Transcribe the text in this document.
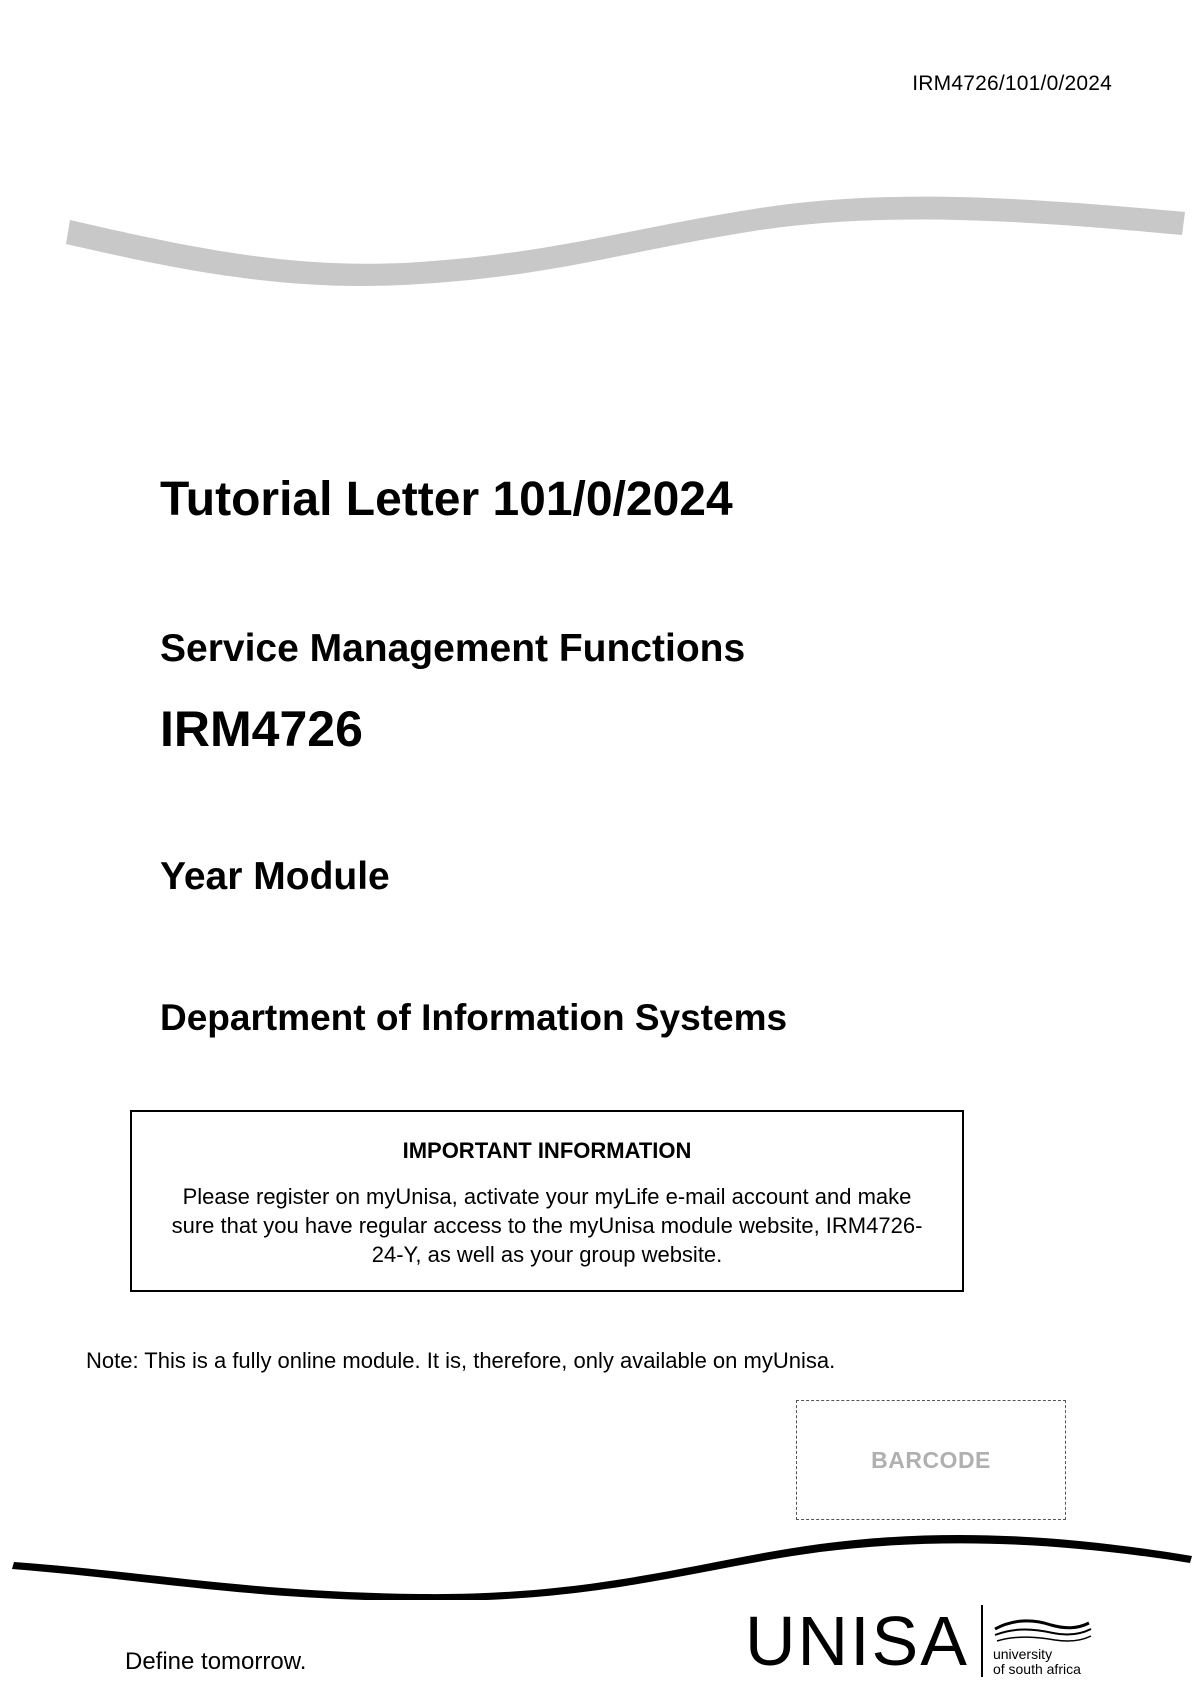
IRM4726/101/0/2024
Tutorial Letter 101/0/2024
Service Management Functions
IRM4726
Year Module
Department of Information Systems
IMPORTANT INFORMATION
Please register on myUnisa, activate your myLife e-mail account and make sure that you have regular access to the myUnisa module website, IRM4726-24-Y, as well as your group website.
Note: This is a fully online module. It is, therefore, only available on myUnisa.
BARCODE
Define tomorrow.	UNISA university
of south africa
